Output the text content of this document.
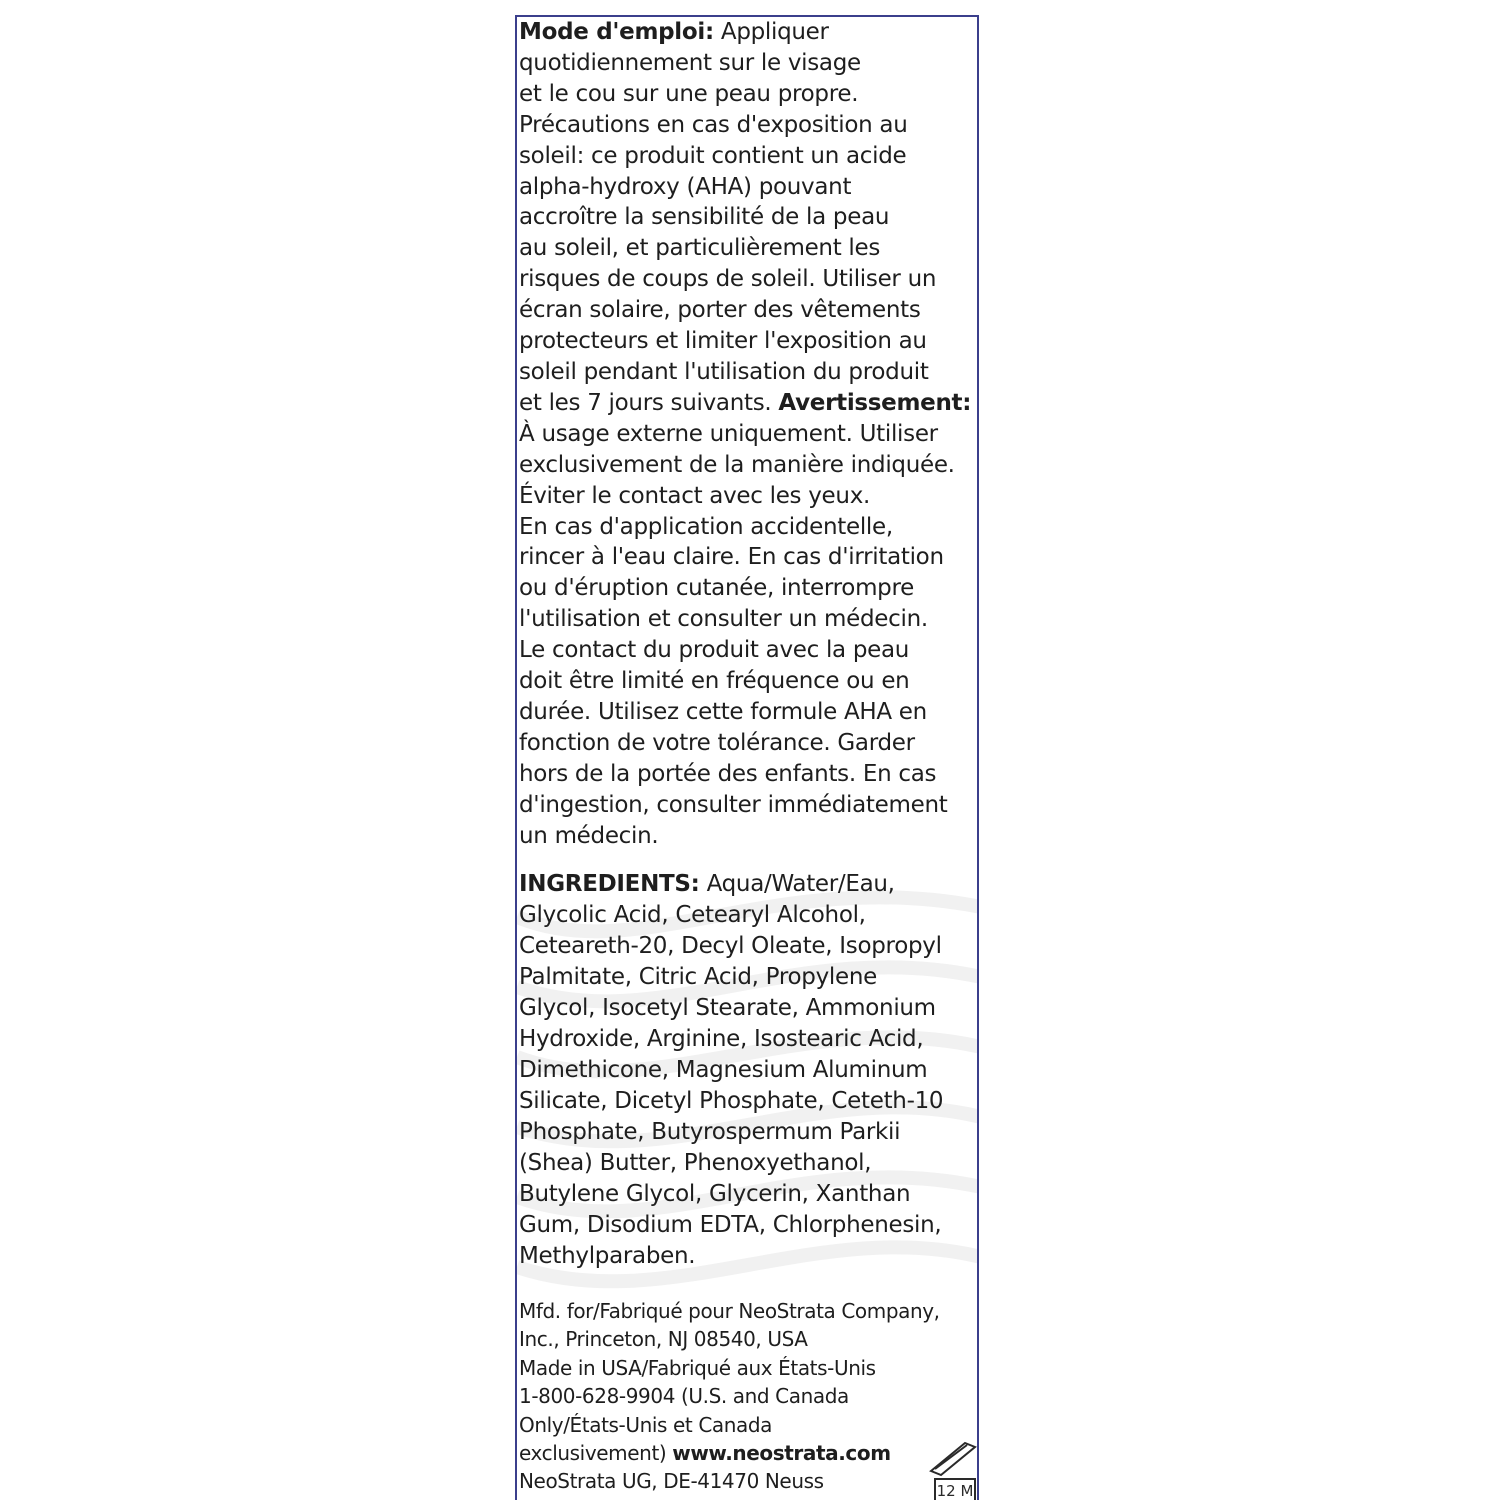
Mode d'emploi: Appliquer
quotidiennement sur le visage
et le cou sur une peau propre.
Précautions en cas d'exposition au
soleil: ce produit contient un acide
alpha-hydroxy (AHA) pouvant
accroître la sensibilité de la peau
au soleil, et particulièrement les
risques de coups de soleil. Utiliser un
écran solaire, porter des vêtements
protecteurs et limiter l'exposition au
soleil pendant l'utilisation du produit
et les 7 jours suivants. Avertissement:
À usage externe uniquement. Utiliser
exclusivement de la manière indiquée.
Éviter le contact avec les yeux.
En cas d'application accidentelle,
rincer à l'eau claire. En cas d'irritation
ou d'éruption cutanée, interrompre
l'utilisation et consulter un médecin.
Le contact du produit avec la peau
doit être limité en fréquence ou en
durée. Utilisez cette formule AHA en
fonction de votre tolérance. Garder
hors de la portée des enfants. En cas
d'ingestion, consulter immédiatement
un médecin.
INGREDIENTS: Aqua/Water/Eau,
Glycolic Acid, Cetearyl Alcohol,
Ceteareth-20, Decyl Oleate, Isopropyl
Palmitate, Citric Acid, Propylene
Glycol, Isocetyl Stearate, Ammonium
Hydroxide, Arginine, Isostearic Acid,
Dimethicone, Magnesium Aluminum
Silicate, Dicetyl Phosphate, Ceteth-10
Phosphate, Butyrospermum Parkii
(Shea) Butter, Phenoxyethanol,
Butylene Glycol, Glycerin, Xanthan
Gum, Disodium EDTA, Chlorphenesin,
Methylparaben.
Mfd. for/Fabriqué pour NeoStrata Company,
Inc., Princeton, NJ 08540, USA
Made in USA/Fabriqué aux États-Unis
1-800-628-9904 (U.S. and Canada
Only/États-Unis et Canada
exclusivement) www.neostrata.com
NeoStrata UG, DE-41470 Neuss	12 M
